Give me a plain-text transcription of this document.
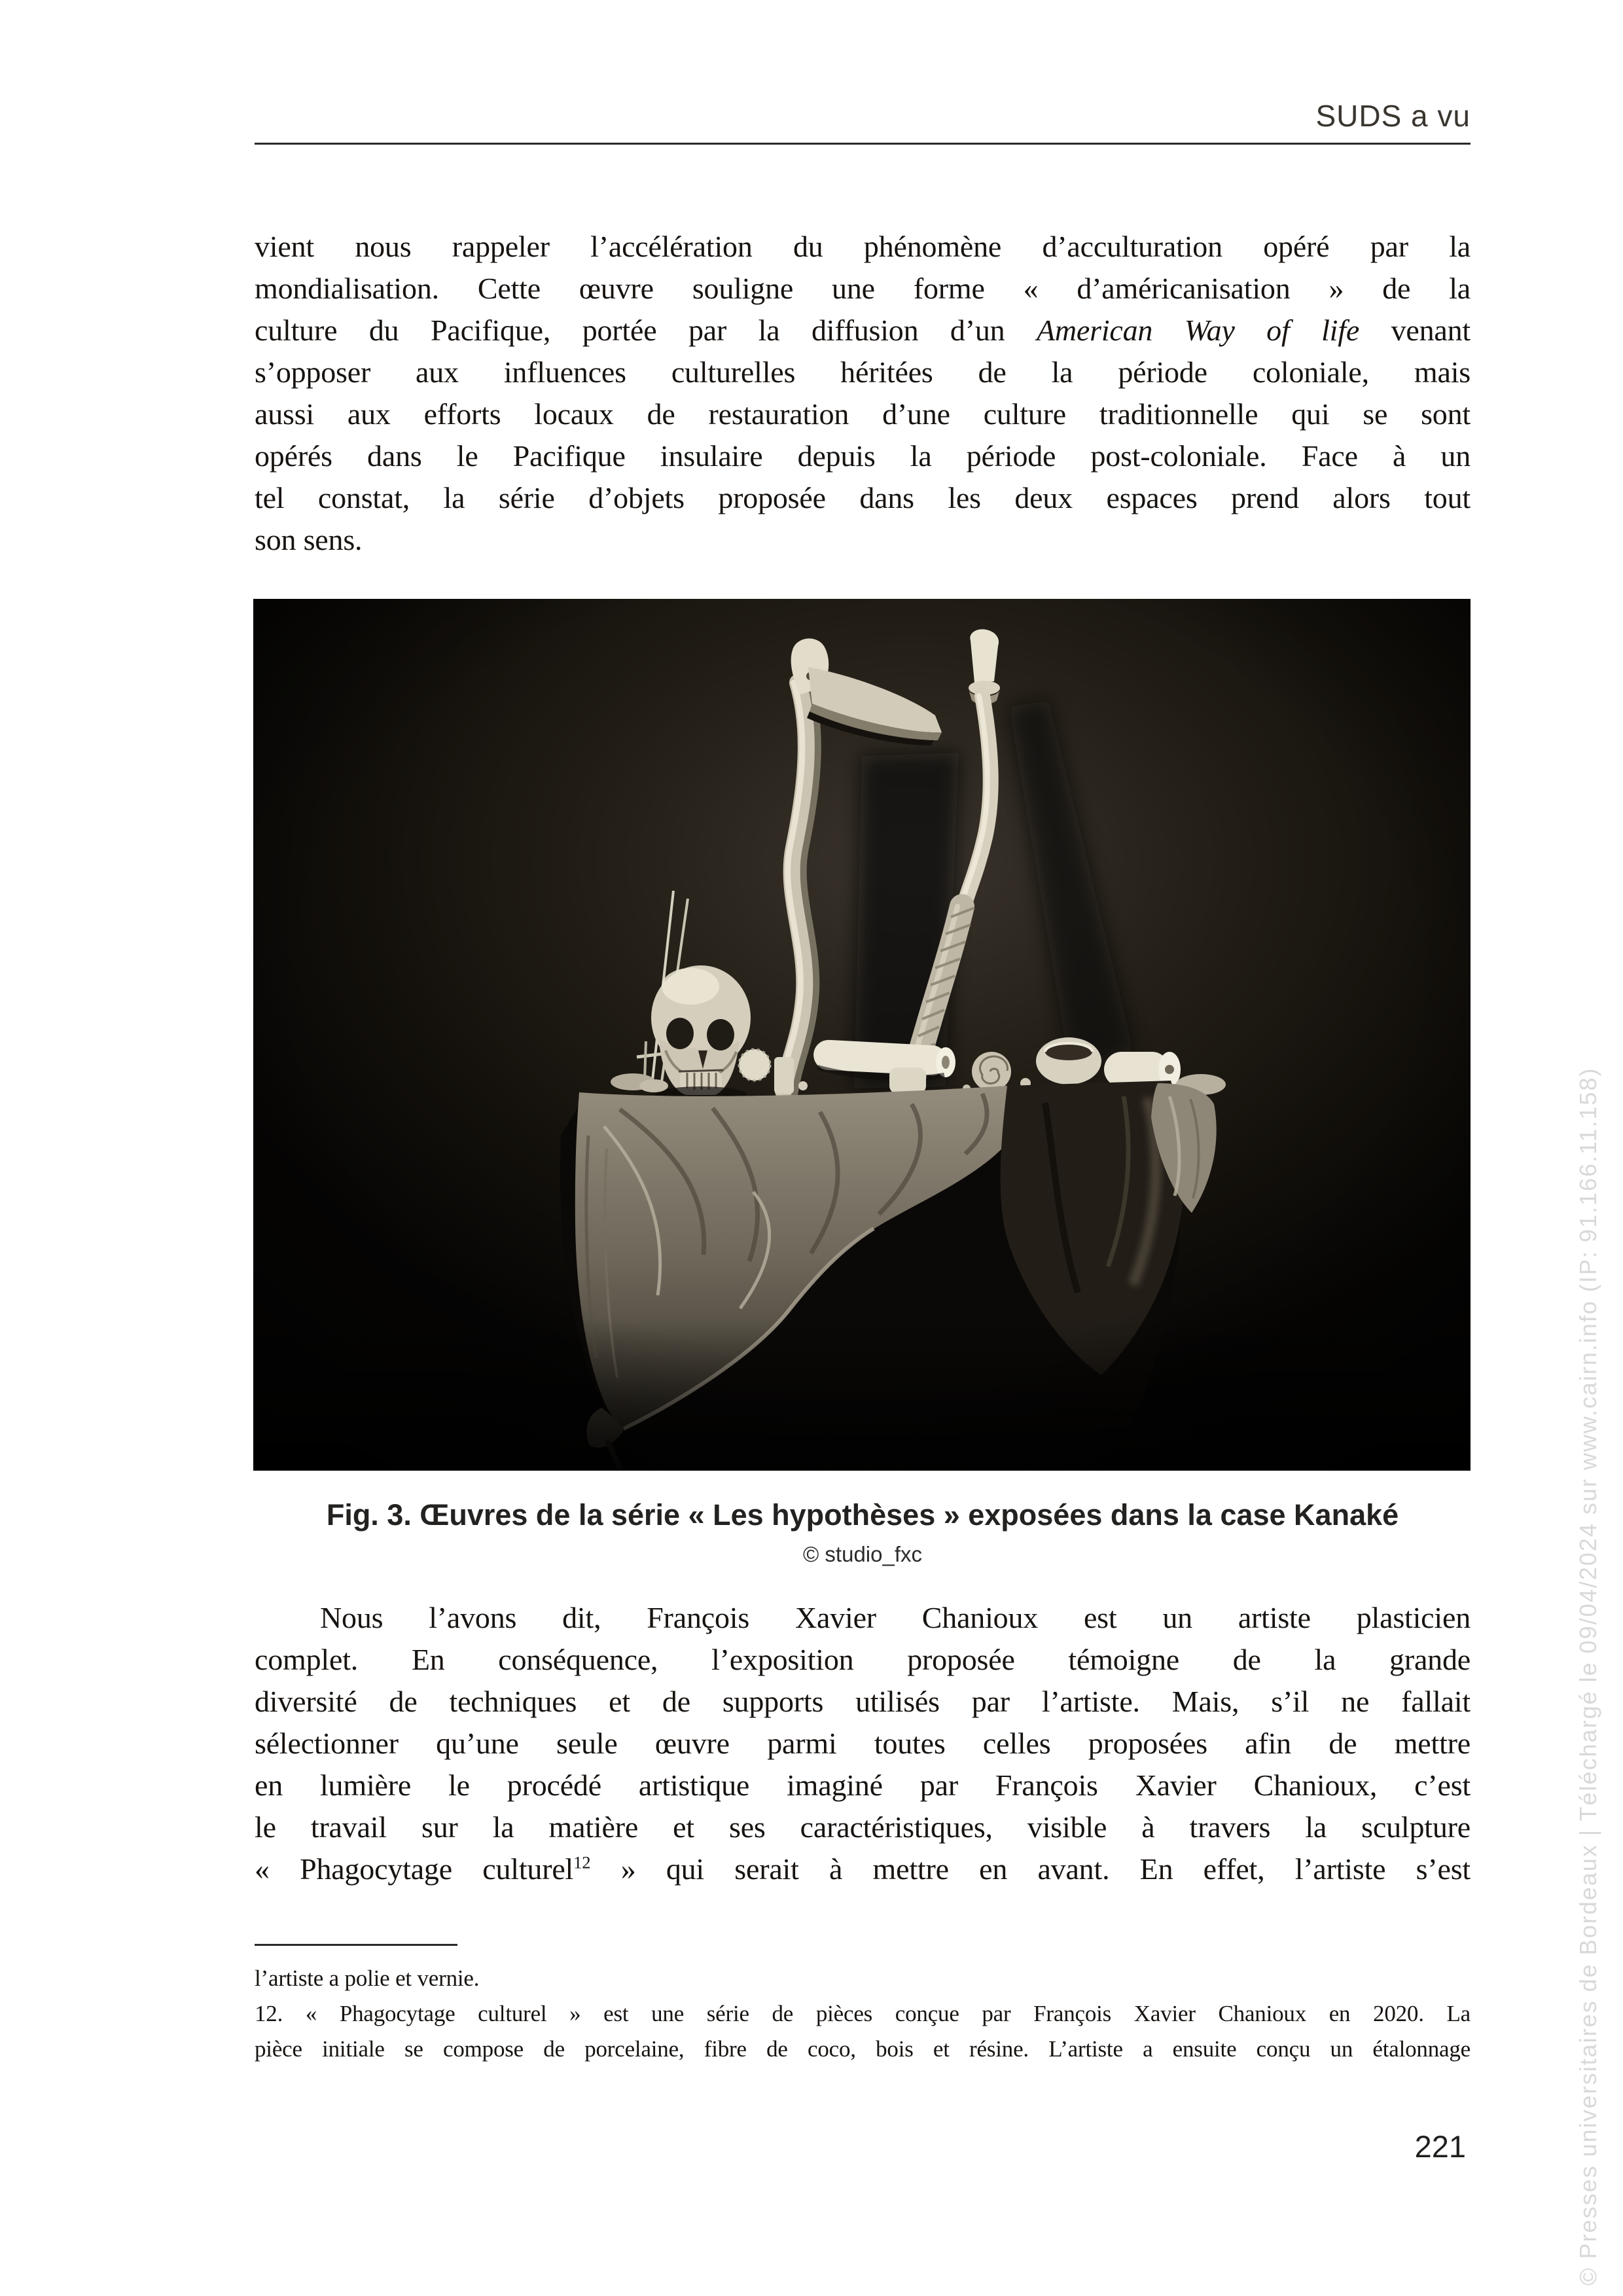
SUDS a vu
vient nous rappeler l’accélération du phénomène d’acculturation opéré par la
mondialisation. Cette œuvre souligne une forme « d’américanisation » de la
culture du Pacifique, portée par la diffusion d’un American Way of life venant
s’opposer aux influences culturelles héritées de la période coloniale, mais
aussi aux efforts locaux de restauration d’une culture traditionnelle qui se sont
opérés dans le Pacifique insulaire depuis la période post-coloniale. Face à un
tel constat, la série d’objets proposée dans les deux espaces prend alors tout
son sens.
Fig. 3. Œuvres de la série « Les hypothèses » exposées dans la case Kanaké
© studio_fxc
Nous l’avons dit, François Xavier Chanioux est un artiste plasticien
complet. En conséquence, l’exposition proposée témoigne de la grande
diversité de techniques et de supports utilisés par l’artiste. Mais, s’il ne fallait
sélectionner qu’une seule œuvre parmi toutes celles proposées afin de mettre
en lumière le procédé artistique imaginé par François Xavier Chanioux, c’est
le travail sur la matière et ses caractéristiques, visible à travers la sculpture
« Phagocytage culturel$^{12}$ » qui serait à mettre en avant. En effet, l’artiste s’est
l’artiste a polie et vernie.
12. « Phagocytage culturel » est une série de pièces conçue par François Xavier Chanioux en 2020. La
pièce initiale se compose de porcelaine, fibre de coco, bois et résine. L’artiste a ensuite conçu un étalonnage
221	© Presses universitaires de Bordeaux | Téléchargé le 09/04/2024 sur www.cairn.info (IP: 91.166.11.158)
